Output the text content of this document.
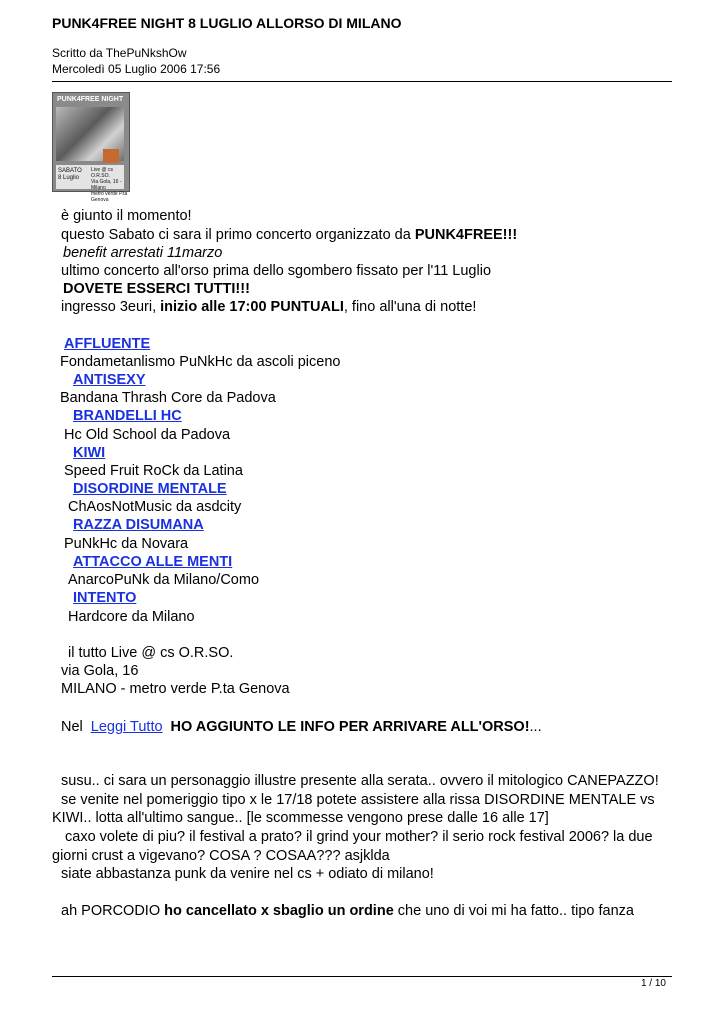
PUNK4FREE NIGHT 8 LUGLIO ALLORSO DI MILANO
Scritto da ThePuNkshOw
Mercoledì 05 Luglio 2006 17:56
PUNK4FREE NIGHT
SABATO
8 Luglio
Live @ cs O.R.SO.
Via Gola, 16 - Milano
metro verde P.ta Genova
è giunto il momento!
questo Sabato ci sara il primo concerto organizzato da PUNK4FREE!!!
benefit arrestati 11marzo
ultimo concerto all'orso prima dello sgombero fissato per l'11 Luglio
DOVETE ESSERCI TUTTI!!!
ingresso 3euri, inizio alle 17:00 PUNTUALI, fino all'una di notte!
AFFLUENTE
Fondametanlismo PuNkHc da ascoli piceno
ANTISEXY
Bandana Thrash Core da Padova
BRANDELLI HC
Hc Old School da Padova
KIWI
Speed Fruit RoCk da Latina
DISORDINE MENTALE
ChAosNotMusic da asdcity
RAZZA DISUMANA
PuNkHc da Novara
ATTACCO ALLE MENTI
AnarcoPuNk da Milano/Como
INTENTO
Hardcore da Milano
il tutto Live @ cs O.R.SO.
via Gola, 16
MILANO - metro verde P.ta Genova
Nel Leggi Tutto HO AGGIUNTO LE INFO PER ARRIVARE ALL'ORSO!...
susu.. ci sara un personaggio illustre presente alla serata.. ovvero il mitologico CANEPAZZO!
se venite nel pomeriggio tipo x le 17/18 potete assistere alla rissa DISORDINE MENTALE vs
KIWI.. lotta all'ultimo sangue.. [le scommesse vengono prese dalle 16 alle 17]
caxo volete di piu? il festival a prato? il grind your mother? il serio rock festival 2006? la due
giorni crust a vigevano? COSA ? COSAA??? asjklda
siate abbastanza punk da venire nel cs + odiato di milano!
ah PORCODIO ho cancellato x sbaglio un ordine che uno di voi mi ha fatto.. tipo fanza
1 / 10
